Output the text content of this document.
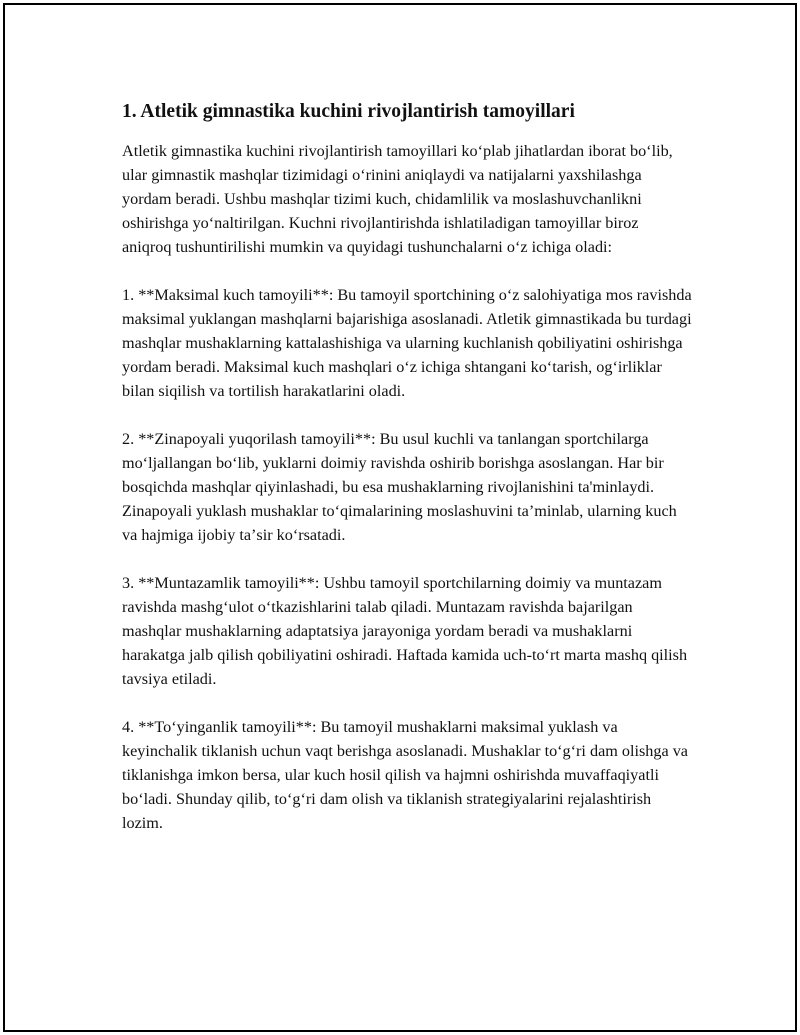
1. Atletik gimnastika kuchini rivojlantirish tamoyillari

Atletik gimnastika kuchini rivojlantirish tamoyillari koʻplab jihatlardan iborat boʻlib, ular gimnastik mashqlar tizimidagi oʻrinini aniqlaydi va natijalarni yaxshilashga yordam beradi. Ushbu mashqlar tizimi kuch, chidamlilik va moslashuvchanlikni oshirishga yoʻnaltirilgan. Kuchni rivojlantirishda ishlatiladigan tamoyillar biroz aniqroq tushuntirilishi mumkin va quyidagi tushunchalarni oʻz ichiga oladi:

1. **Maksimal kuch tamoyili**: Bu tamoyil sportchining oʻz salohiyatiga mos ravishda maksimal yuklangan mashqlarni bajarishiga asoslanadi. Atletik gimnastikada bu turdagi mashqlar mushaklarning kattalashishiga va ularning kuchlanish qobiliyatini oshirishga yordam beradi. Maksimal kuch mashqlari oʻz ichiga shtangani koʻtarish, ogʻirliklar bilan siqilish va tortilish harakatlarini oladi.

2. **Zinapoyali yuqorilash tamoyili**: Bu usul kuchli va tanlangan sportchilarga moʻljallangan boʻlib, yuklarni doimiy ravishda oshirib borishga asoslangan. Har bir bosqichda mashqlar qiyinlashadi, bu esa mushaklarning rivojlanishini ta'minlaydi. Zinapoyali yuklash mushaklar toʻqimalarining moslashuvini taʼminlab, ularning kuch va hajmiga ijobiy taʼsir koʻrsatadi.

3. **Muntazamlik tamoyili**: Ushbu tamoyil sportchilarning doimiy va muntazam ravishda mashgʻulot oʻtkazishlarini talab qiladi. Muntazam ravishda bajarilgan mashqlar mushaklarning adaptatsiya jarayoniga yordam beradi va mushaklarni harakatga jalb qilish qobiliyatini oshiradi. Haftada kamida uch-toʻrt marta mashq qilish tavsiya etiladi.

4. **Toʻyinganlik tamoyili**: Bu tamoyil mushaklarni maksimal yuklash va keyinchalik tiklanish uchun vaqt berishga asoslanadi. Mushaklar toʻgʻri dam olishga va tiklanishga imkon bersa, ular kuch hosil qilish va hajmni oshirishda muvaffaqiyatli boʻladi. Shunday qilib, toʻgʻri dam olish va tiklanish strategiyalarini rejalashtirish lozim.
